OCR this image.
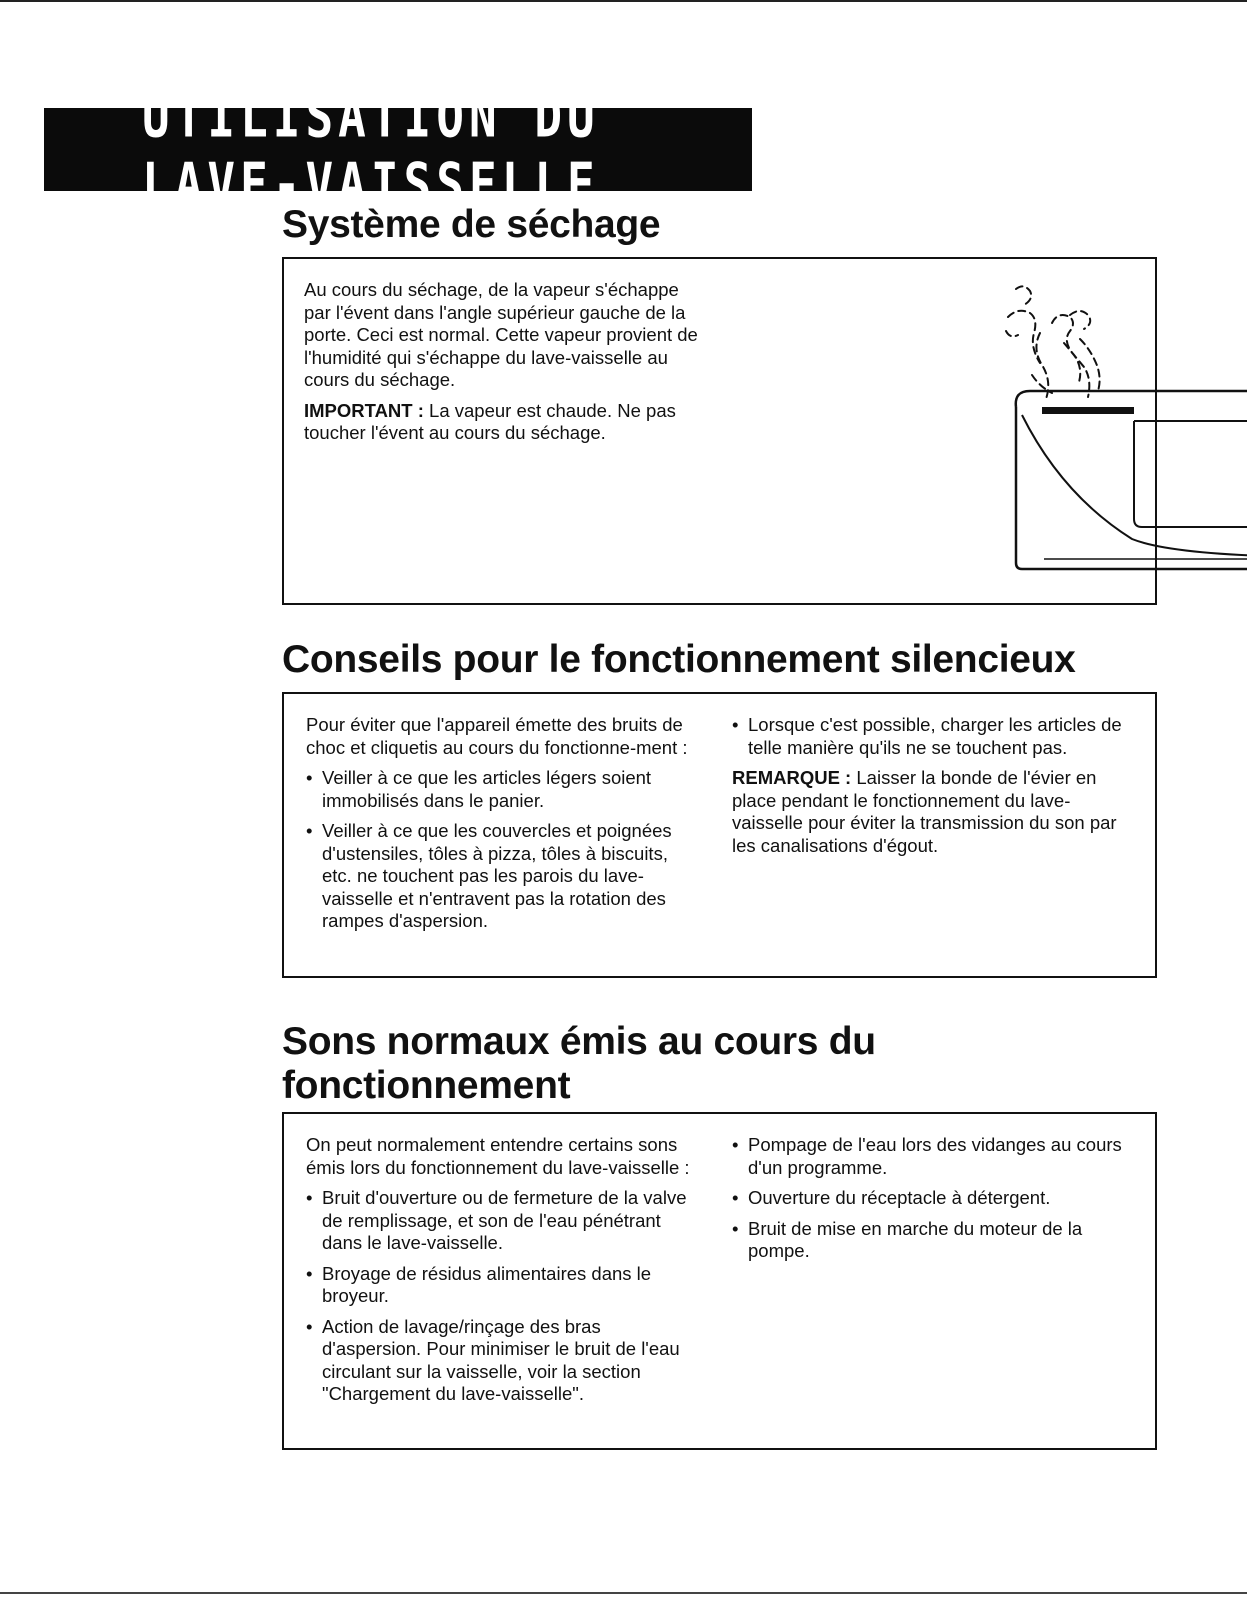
UTILISATION DU LAVE-VAISSELLE
Système de séchage

Au cours du séchage, de la vapeur s'échappe par l'évent dans l'angle supérieur gauche de la porte. Ceci est normal. Cette vapeur provient de l'humidité qui s'échappe du lave-vaisselle au cours du séchage.

IMPORTANT : La vapeur est chaude. Ne pas toucher l'évent au cours du séchage.

Conseils pour le fonctionnement silencieux

Pour éviter que l'appareil émette des bruits de choc et cliquetis au cours du fonctionne-ment :

• Veiller à ce que les articles légers soient immobilisés dans le panier.
• Veiller à ce que les couvercles et poignées d'ustensiles, tôles à pizza, tôles à biscuits, etc. ne touchent pas les parois du lave-vaisselle et n'entravent pas la rotation des rampes d'aspersion.
• Lorsque c'est possible, charger les articles de telle manière qu'ils ne se touchent pas.

REMARQUE : Laisser la bonde de l'évier en place pendant le fonctionnement du lave-vaisselle pour éviter la transmission du son par les canalisations d'égout.

Sons normaux émis au cours du
fonctionnement

On peut normalement entendre certains sons émis lors du fonctionnement du lave-vaisselle :

• Bruit d'ouverture ou de fermeture de la valve de remplissage, et son de l'eau pénétrant dans le lave-vaisselle.
• Broyage de résidus alimentaires dans le broyeur.
• Action de lavage/rinçage des bras d'aspersion. Pour minimiser le bruit de l'eau circulant sur la vaisselle, voir la section "Chargement du lave-vaisselle".
• Pompage de l'eau lors des vidanges au cours d'un programme.
• Ouverture du réceptacle à détergent.
• Bruit de mise en marche du moteur de la pompe.
